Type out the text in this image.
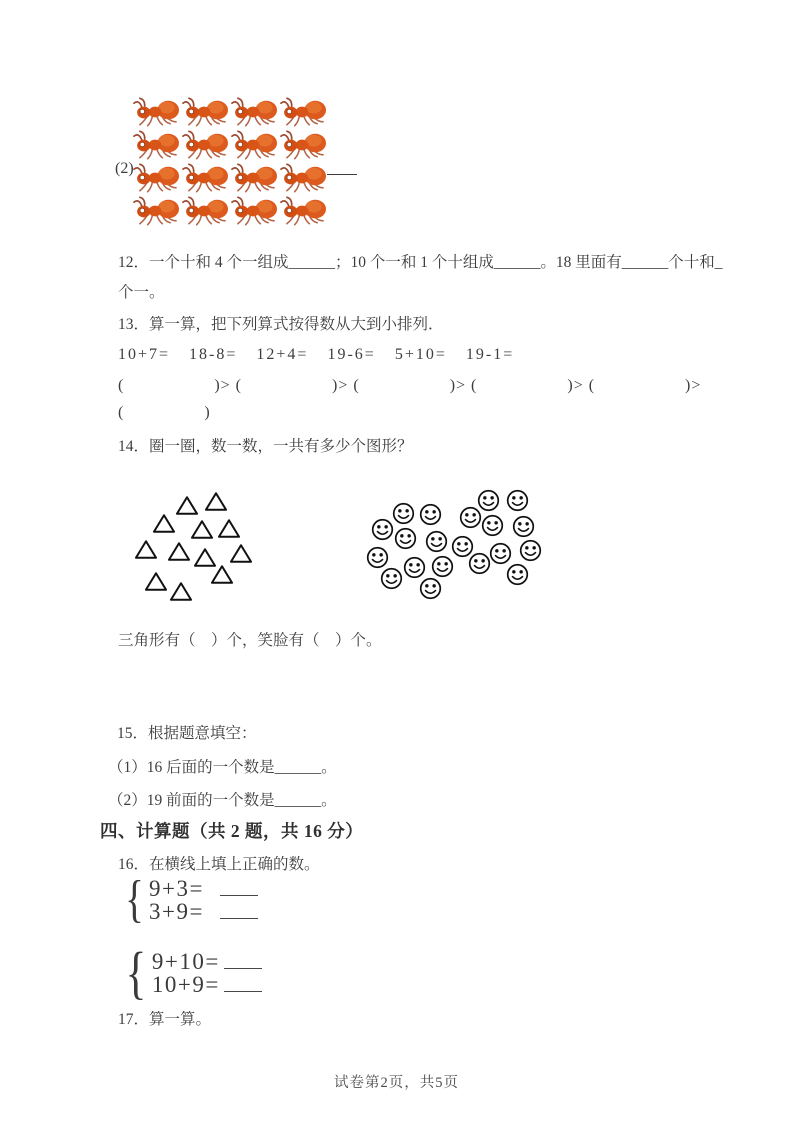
(2)
12．一个十和 4 个一组成______；10 个一和 1 个十组成______。18 里面有______个十和_
个一。
13．算一算，把下列算式按得数从大到小排列．
10+7= 18-8= 12+4= 19-6= 5+10= 19-1=
(                  )> (                  )> (                  )> (                  )> (                  )>
(                )
14．圈一圈，数一数，一共有多少个图形？
三角形有（　）个，笑脸有（　）个。
15．根据题意填空：
（1）16 后面的一个数是______。
（2）19 前面的一个数是______。
四、计算题（共 2 题，共 16 分）
16．在横线上填上正确的数。
{ 9+3=
3+9=
{ 9+10=
10+9=
17．算一算。
试卷第2页，共5页
